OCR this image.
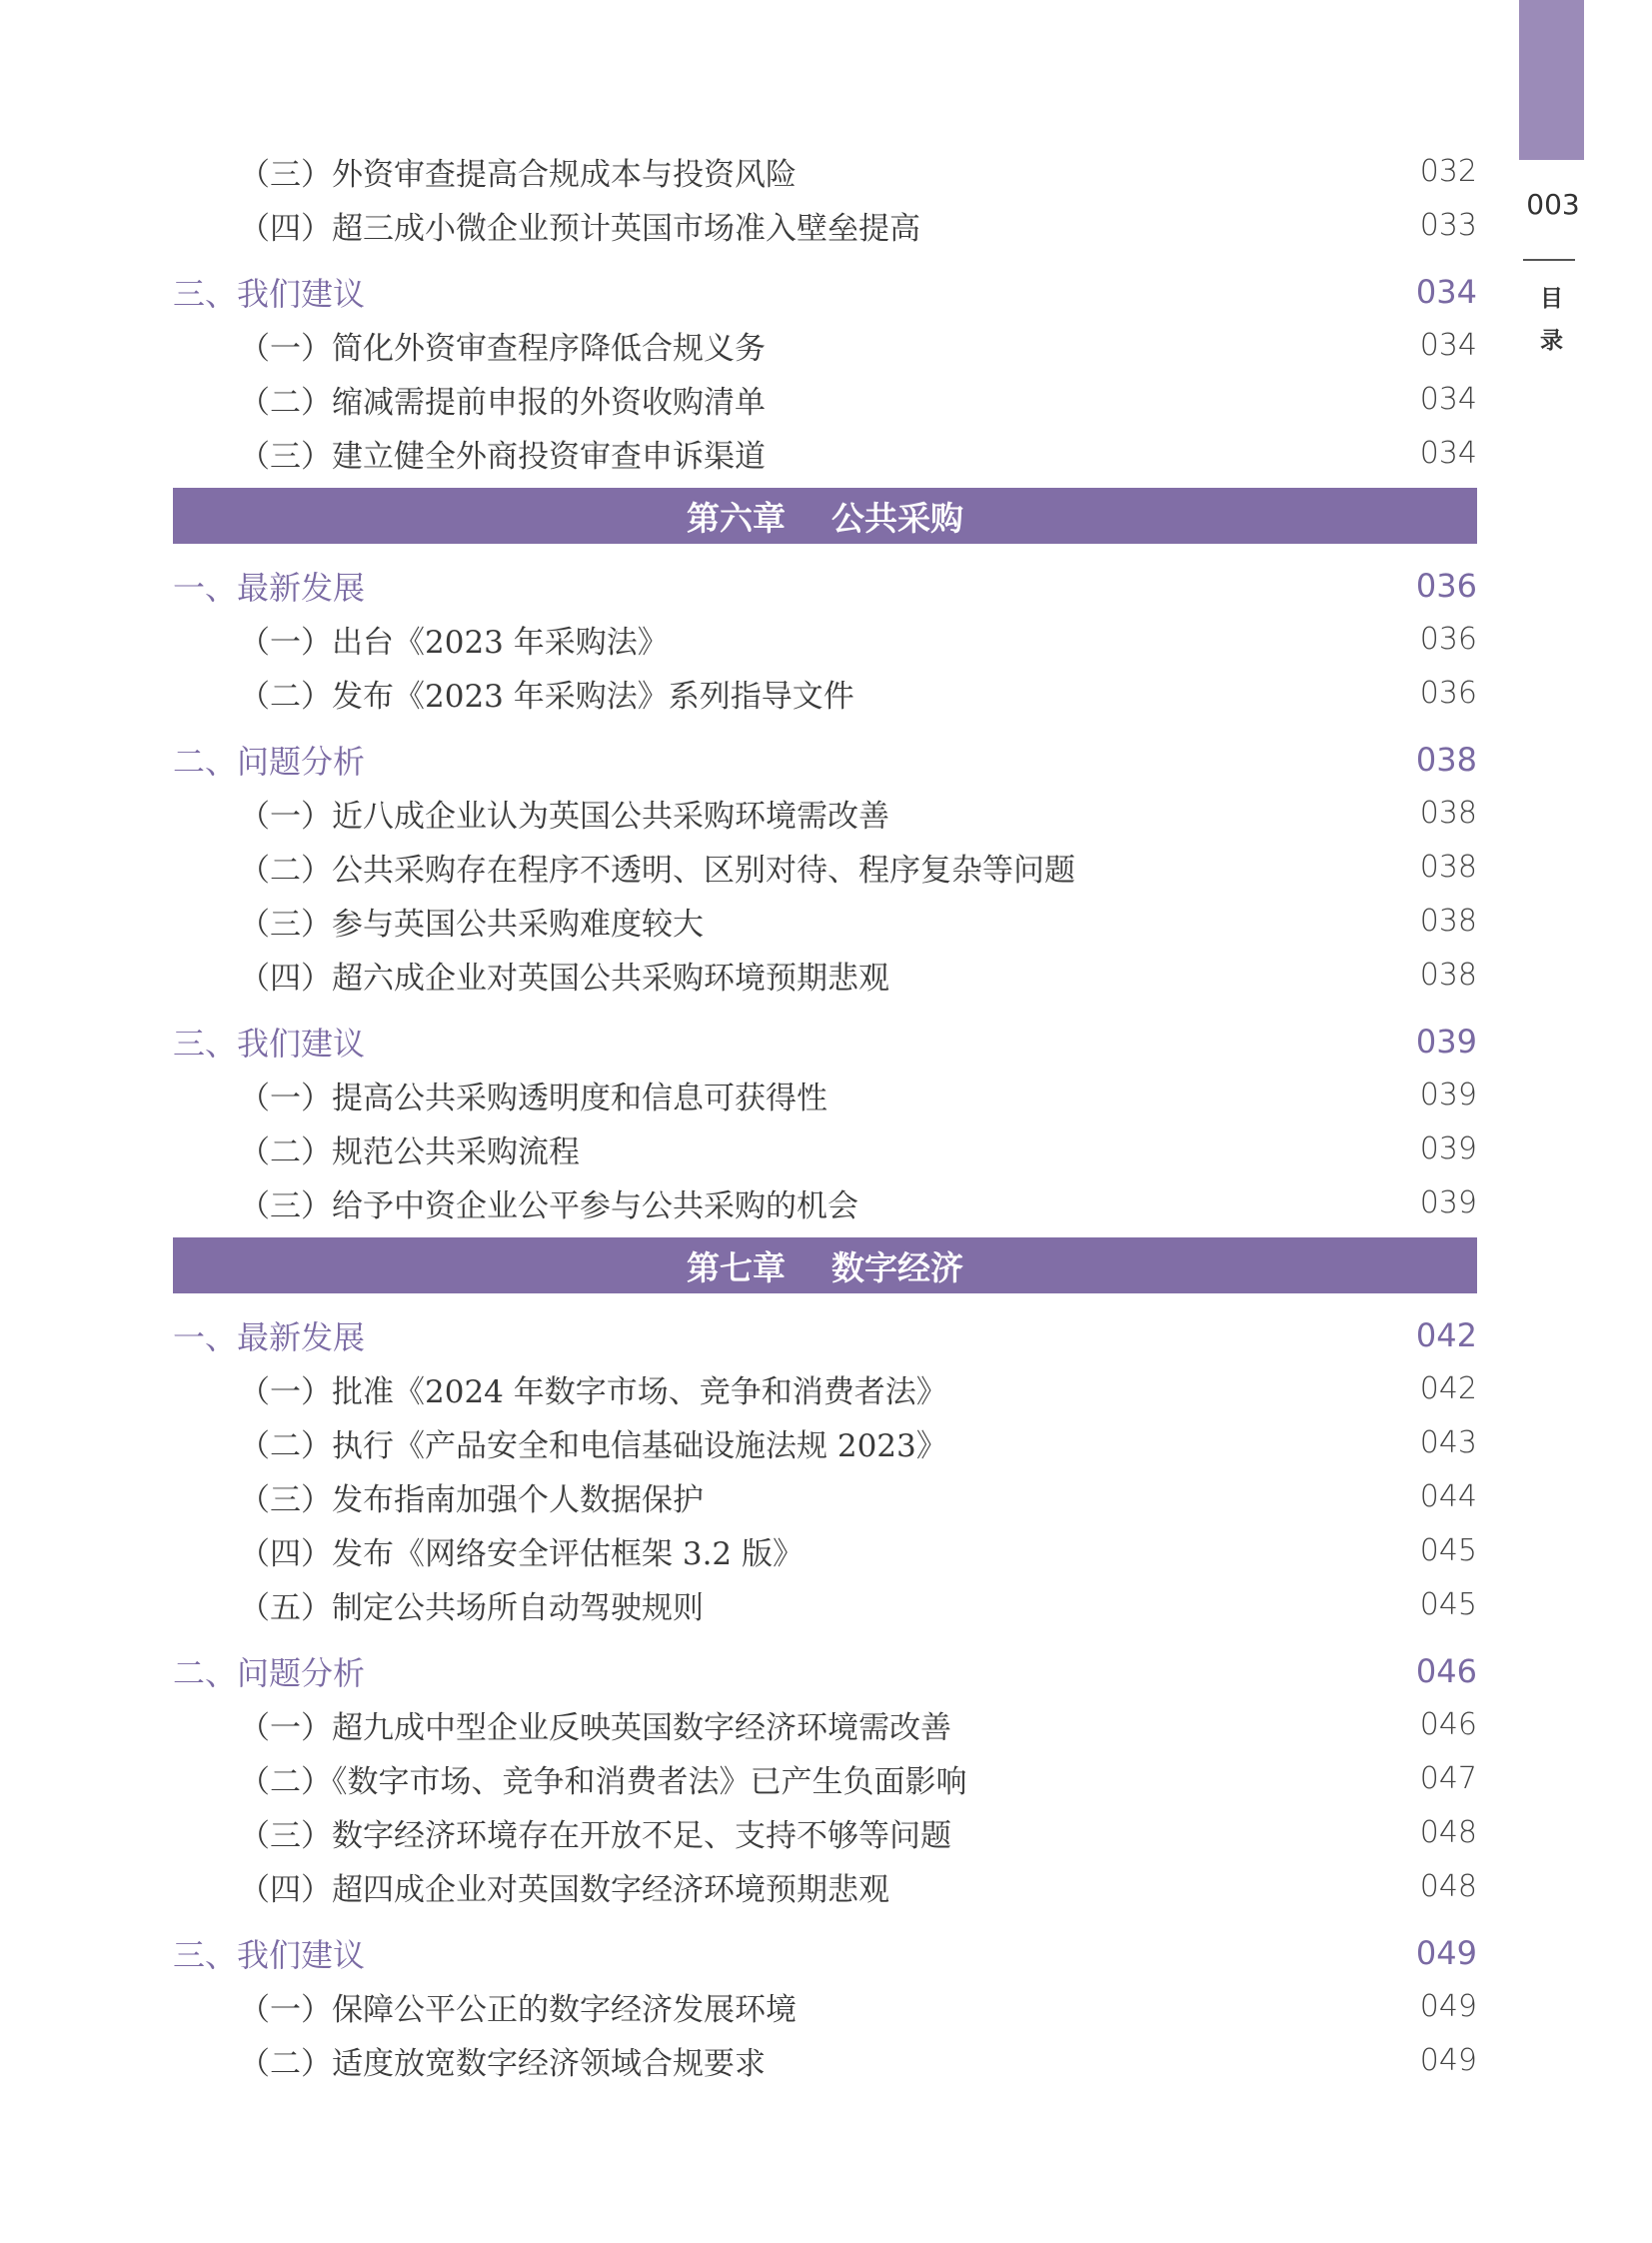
003
目
录
（三）外资审查提高合规成本与投资风险	032
（四）超三成小微企业预计英国市场准入壁垒提高	033
三、我们建议	034
（一）简化外资审查程序降低合规义务	034
（二）缩减需提前申报的外资收购清单	034
（三）建立健全外商投资审查申诉渠道	034
第六章    公共采购
一、最新发展	036
（一）出台《2023 年采购法》	036
（二）发布《2023 年采购法》系列指导文件	036
二、问题分析	038
（一）近八成企业认为英国公共采购环境需改善	038
（二）公共采购存在程序不透明、区别对待、程序复杂等问题	038
（三）参与英国公共采购难度较大	038
（四）超六成企业对英国公共采购环境预期悲观	038
三、我们建议	039
（一）提高公共采购透明度和信息可获得性	039
（二）规范公共采购流程	039
（三）给予中资企业公平参与公共采购的机会	039
第七章    数字经济
一、最新发展	042
（一）批准《2024 年数字市场、竞争和消费者法》	042
（二）执行《产品安全和电信基础设施法规 2023》	043
（三）发布指南加强个人数据保护	044
（四）发布《网络安全评估框架 3.2 版》	045
（五）制定公共场所自动驾驶规则	045
二、问题分析	046
（一）超九成中型企业反映英国数字经济环境需改善	046
（二）《数字市场、竞争和消费者法》已产生负面影响	047
（三）数字经济环境存在开放不足、支持不够等问题	048
（四）超四成企业对英国数字经济环境预期悲观	048
三、我们建议	049
（一）保障公平公正的数字经济发展环境	049
（二）适度放宽数字经济领域合规要求	049
